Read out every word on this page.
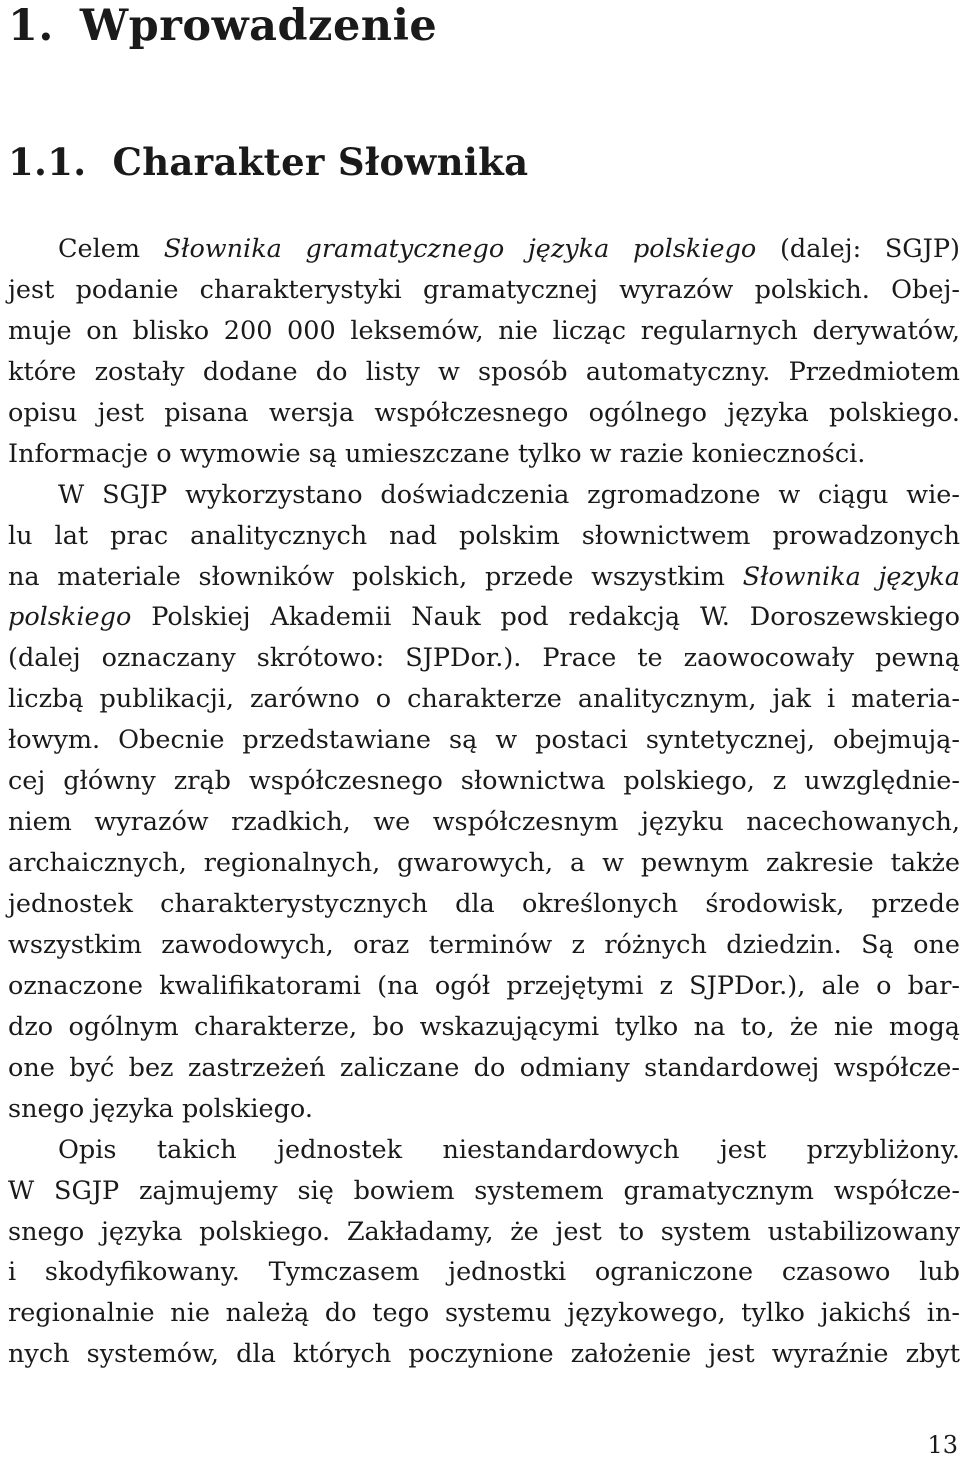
1. Wprowadzenie
1.1. Charakter Słownika
Celem Słownika gramatycznego języka polskiego (dalej: SGJP)
jest podanie charakterystyki gramatycznej wyrazów polskich. Obej-
muje on blisko 200 000 leksemów, nie licząc regularnych derywatów,
które zostały dodane do listy w sposób automatyczny. Przedmiotem
opisu jest pisana wersja współczesnego ogólnego języka polskiego.
Informacje o wymowie są umieszczane tylko w razie konieczności.
W SGJP wykorzystano doświadczenia zgromadzone w ciągu wie-
lu lat prac analitycznych nad polskim słownictwem prowadzonych
na materiale słowników polskich, przede wszystkim Słownika języka
polskiego Polskiej Akademii Nauk pod redakcją W. Doroszewskiego
(dalej oznaczany skrótowo: SJPDor.). Prace te zaowocowały pewną
liczbą publikacji, zarówno o charakterze analitycznym, jak i materia-
łowym. Obecnie przedstawiane są w postaci syntetycznej, obejmują-
cej główny zrąb współczesnego słownictwa polskiego, z uwzględnie-
niem wyrazów rzadkich, we współczesnym języku nacechowanych,
archaicznych, regionalnych, gwarowych, a w pewnym zakresie także
jednostek charakterystycznych dla określonych środowisk, przede
wszystkim zawodowych, oraz terminów z różnych dziedzin. Są one
oznaczone kwalifikatorami (na ogół przejętymi z SJPDor.), ale o bar-
dzo ogólnym charakterze, bo wskazującymi tylko na to, że nie mogą
one być bez zastrzeżeń zaliczane do odmiany standardowej współcze-
snego języka polskiego.
Opis takich jednostek niestandardowych jest przybliżony.
W SGJP zajmujemy się bowiem systemem gramatycznym współcze-
snego języka polskiego. Zakładamy, że jest to system ustabilizowany
i skodyfikowany. Tymczasem jednostki ograniczone czasowo lub
regionalnie nie należą do tego systemu językowego, tylko jakichś in-
nych systemów, dla których poczynione założenie jest wyraźnie zbyt
13
